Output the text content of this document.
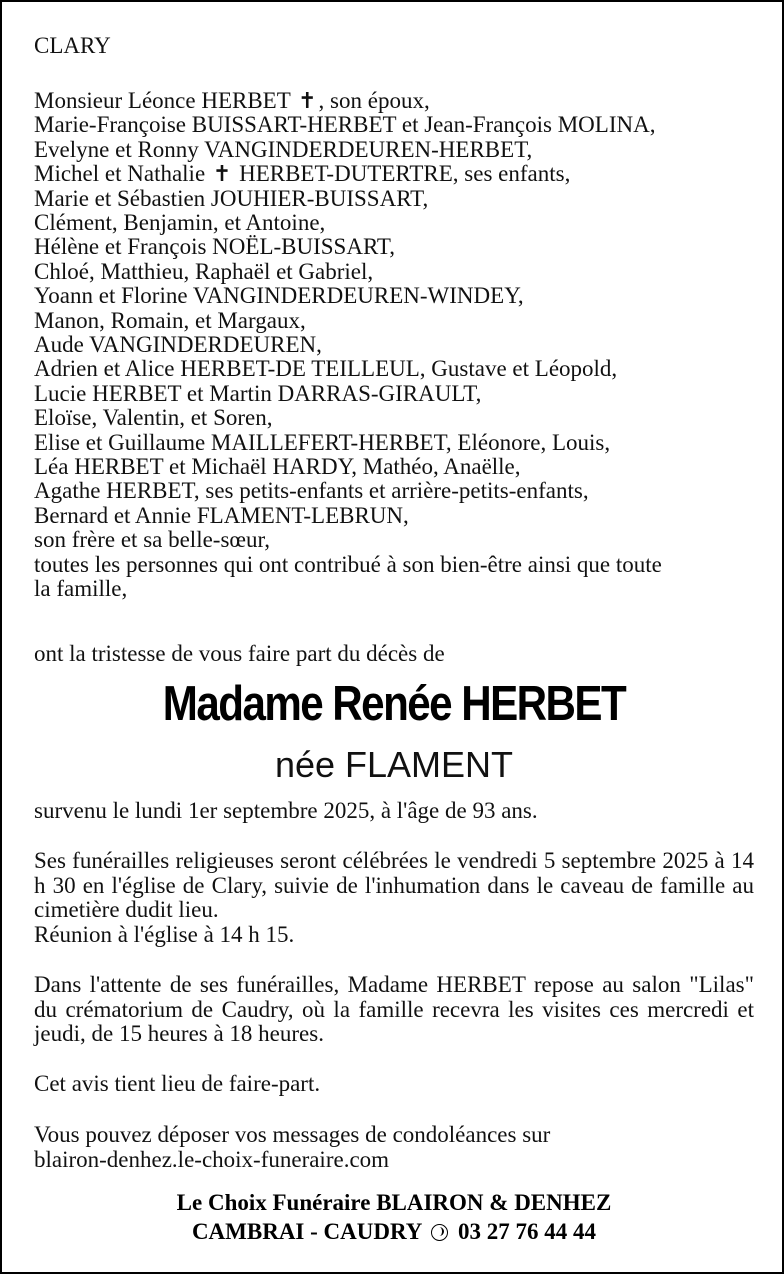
CLARY
Monsieur Léonce HERBET ✝, son époux,
Marie-Françoise BUISSART-HERBET et Jean-François MOLINA,
Evelyne et Ronny VANGINDERDEUREN-HERBET,
Michel et Nathalie ✝ HERBET-DUTERTRE, ses enfants,
Marie et Sébastien JOUHIER-BUISSART,
Clément, Benjamin, et Antoine,
Hélène et François NOËL-BUISSART,
Chloé, Matthieu, Raphaël et Gabriel,
Yoann et Florine VANGINDERDEUREN-WINDEY,
Manon, Romain, et Margaux,
Aude VANGINDERDEUREN,
Adrien et Alice HERBET-DE TEILLEUL, Gustave et Léopold,
Lucie HERBET et Martin DARRAS-GIRAULT,
Eloïse, Valentin, et Soren,
Elise et Guillaume MAILLEFERT-HERBET, Eléonore, Louis,
Léa HERBET et Michaël HARDY, Mathéo, Anaëlle,
Agathe HERBET, ses petits-enfants et arrière-petits-enfants,
Bernard et Annie FLAMENT-LEBRUN,
son frère et sa belle-sœur,
toutes les personnes qui ont contribué à son bien-être ainsi que toute
la famille,
ont la tristesse de vous faire part du décès de
Madame Renée HERBET
née FLAMENT
survenu le lundi 1er septembre 2025, à l'âge de 93 ans.
Ses funérailles religieuses seront célébrées le vendredi 5 septembre 2025 à 14 h 30 en l'église de Clary, suivie de l'inhumation dans le caveau de famille au cimetière dudit lieu.
Réunion à l'église à 14 h 15.
Dans l'attente de ses funérailles, Madame HERBET repose au salon "Lilas" du crématorium de Caudry, où la famille recevra les visites ces mercredi et jeudi, de 15 heures à 18 heures.
Cet avis tient lieu de faire-part.
Vous pouvez déposer vos messages de condoléances sur
blairon-denhez.le-choix-funeraire.com
Le Choix Funéraire BLAIRON & DENHEZ
CAMBRAI - CAUDRY 03 27 76 44 44
